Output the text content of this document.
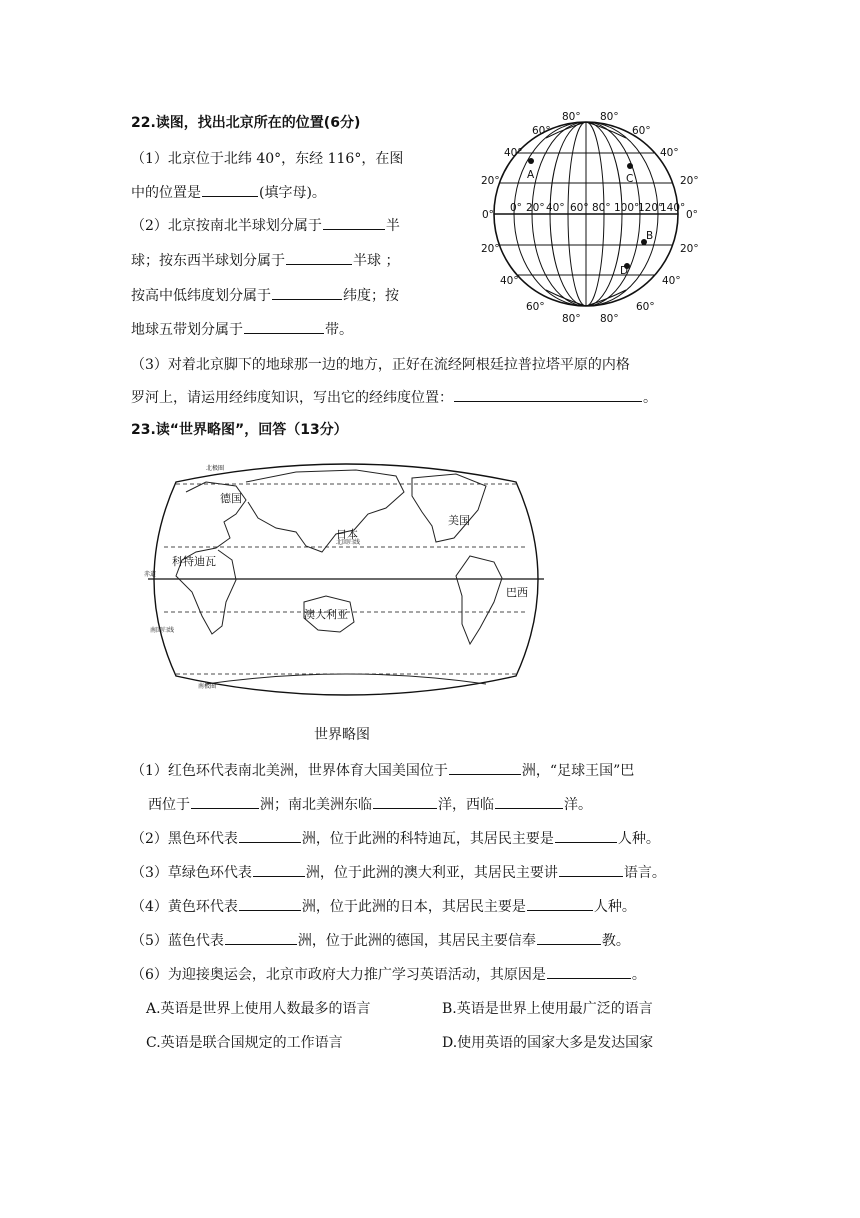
22.读图，找出北京所在的位置(6分)
（1）北京位于北纬 40°，东经 116°，在图
中的位置是	(填字母)。
（2）北京按南北半球划分属于	半
球；按东西半球划分属于	半球 ；
按高中低纬度划分属于	纬度；按
地球五带划分属于	带。
（3）对着北京脚下的地球那一边的地方，正好在流经阿根廷拉普拉塔平原的内格
罗河上，请运用经纬度知识，写出它的经纬度位置：	。
A	C
B
D
60°
80° 80°
60°
60°
80° 80°
60°
40°
20°
0°
20°
40°
40°
20°
0°
20°
40°
0° 20° 40° 60° 80° 100°
120°
140°
23.读“世界略图”，回答（13分）
德国
日本
美国
科特迪瓦
巴西
澳大利亚
北极圈
北回归线
赤道
南回归线
南极圈
世界略图
（1）红色环代表南北美洲，世界体育大国美国位于	洲，“足球王国”巴
西位于	洲；南北美洲东临	洋，西临	洋。
（2）黑色环代表	洲，位于此洲的科特迪瓦，其居民主要是	人种。
（3）草绿色环代表	洲，位于此洲的澳大利亚，其居民主要讲	语言。
（4）黄色环代表	洲，位于此洲的日本，其居民主要是	人种。
（5）蓝色代表	洲，位于此洲的德国，其居民主要信奉	教。
（6）为迎接奥运会，北京市政府大力推广学习英语活动，其原因是	。
A.英语是世界上使用人数最多的语言	B.英语是世界上使用最广泛的语言
C.英语是联合国规定的工作语言	D.使用英语的国家大多是发达国家
